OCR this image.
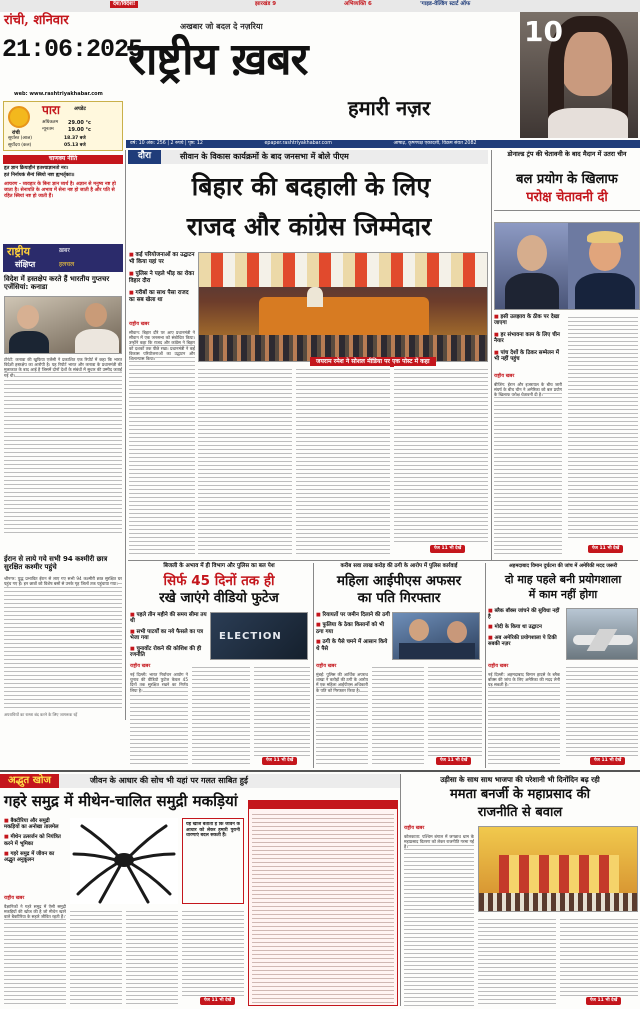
देश/विदेश!	झारखंड 9	अभिव्यक्ति 6	'गाइड-वेल्डिंग स्टार्ट ऑफ
रांची, शनिवार
21:06:2025
web: www.rashtriyakhabar.com
अखबार जो बदल दे नज़रिया
राष्ट्रीय ख़बर
हमारी नज़र
10
वर्ष: 10 अंक: 256 | 2 रुपये | पृष्ठ: 12	epaper.rashtriyakhabar.com	आषाढ़, कृष्णपक्ष एकादशी, विक्रम संवत 2082
पारा	अपडेट
रांची
अधिकतम 29.00 °c
न्यूनतम	19.00 °c
सूर्यास्त (आज)	18.37 बजे
सूर्योदय (कल)	05.13 बजे
चाणक्य नीति
हृत ज्ञान क्रियाहीनं हतश्चाज्ञानतो नरः।
हतं निर्नायकं सैन्यं स्त्रियो नष्टा ह्यभर्तृकाः॥
आचरण - व्यवहार के बिना ज्ञान व्यर्थ है। अज्ञान से मनुष्य नष्ट हो जाता है। सेनापति के अभाव में सेना नष्ट हो जाती है और पति से रहित स्त्रियां नष्ट हो जाती हैं।
राष्ट्रीय	ख़बर
संक्षिप्त	हलचल
विदेश में हस्तक्षेप करते हैं भारतीय गुप्तचर एजेंसियां: कनाडा
टोरंटो: कनाडा की खुफिया एजेंसी ने प्रकाशित एक रिपोर्ट में कहा कि भारत विदेशी हस्तक्षेप का आरोपी है। यह रिपोर्ट भारत और कनाडा के प्रधानमंत्री की मुलाकात के बाद आई है जिसमें दोनों देशों के संबंधों में सुधार की उम्मीद जताई गई थी।
ईरान से लाये गये सभी 94 कश्मीरी छात्र सुरक्षित कश्मीर पहुंचे
श्रीनगर: युद्ध प्रभावित ईरान से लाए गए सभी 94 कश्मीरी छात्र सुरक्षित घर पहुंच गए हैं। इन छात्रों को विशेष बसों से उनके गृह जिलों तक पहुंचाया गया।
अपराधियों का रास्ता बंद करने के लिए जागरूक रहें
दौरा	सीवान के विकास कार्यक्रमों के बाद जनसभा में बोले पीएम
बिहार की बदहाली के लिए
राजद और कांग्रेस जिम्मेदार
■ कई परियोजनाओं का उद्घाटन भी किया यहां पर
■ पुलिस ने पहले भीड़ का रोका विहार दौरा
■ गरीबों का साथ पैसा राजद का सब खेला था
राष्ट्रीय खबर
सीवान: बिहार दौरे पर आए प्रधानमंत्री ने सीवान में एक जनसभा को संबोधित किया। उन्होंने कहा कि राजद और कांग्रेस ने बिहार को दशकों तक पीछे रखा। प्रधानमंत्री ने कई विकास परियोजनाओं का उद्घाटन और शिलान्यास किया।	जयराम रमेश ने सोशल मीडिया पर एक पोस्ट में कहा
पेज 11 भी देखें
डोनाल्ड ट्रंप की चेतावनी के बाद मैदान में उतरा चीन
बल प्रयोग के खिलाफ
परोक्ष चेतावनी दी
■ इसी उलझाव के ठीक पर देखा जाएगा
■ हर संभावना काम के लिए चीन नैयार
■ पांच देशों के ठिकर सम्मेलन में भी नहीं पहुंच
राष्ट्रीय खबर
बीजिंग: ईरान और इजरायल के बीच जारी संघर्ष के बीच चीन ने अमेरिका को बल प्रयोग के खिलाफ परोक्ष चेतावनी दी है।
पेज 11 भी देखें
बिजली के अभाव में ही विभाग और पुलिस का बल पेश
सिर्फ 45 दिनों तक ही
रखे जाएंगे वीडियो फुटेज
■ पहले तीन महीने की समय सीमा तय थी
■ सभी पाटर्यों का नये फैसले का पत्र भेजा गया
■ चुनावोंट रोकने की कोशिश की ही रणनीति
ELECTION
राष्ट्रीय खबर
नई दिल्ली: भारत निर्वाचन आयोग ने चुनाव की वीडियो फुटेज केवल 45 दिनों तक सुरक्षित रखने का निर्णय लिया है।
पेज 11 भी देखें
करीब सवा लाख करोड़ की ठगी के आरोप में पुलिस कार्रवाई
महिला आईपीएस अफसर
का पति गिरफ्तार
■ रियायतों पर जमीन दिलाने की ठगी
■ फुलिया के ठेका किसानों को भी ठगा गया
■ ठगी के पैसे चमने में आसान किये थे पैसे
राष्ट्रीय खबर
मुंबई: पुलिस की आर्थिक अपराध शाखा ने करोड़ों की ठगी के आरोप में एक महिला आईपीएस अधिकारी के पति को गिरफ्तार किया है।
पेज 11 भी देखें
अहमदाबाद विमान दुर्घटना की जांच में अमेरिकी मदद जरूरी
दो माह पहले बनी प्रयोगशाला
में काम नहीं होगा
■ ब्लैक बॉक्स जांचने की सुविधा नहीं है
■ मोदी के किया था उद्घाटन
■ अब अमेरिकी प्रयोगशाला पे टिकी सबकी नज़र
राष्ट्रीय खबर
नई दिल्ली: अहमदाबाद विमान हादसे के ब्लैक बॉक्स की जांच के लिए अमेरिका की मदद लेनी पड़ सकती है।
पेज 11 भी देखें
अद्भुत खोज	जीवन के आधार की सोच भी यहां पर गलत साबित हुई
गहरे समुद्र में मीथेन-चालित समुद्री मकड़ियां
■ बैक्टीरिया और समुद्री मकड़ियों का अनोखा तालमेल
■ मीथेन उत्सर्जन को नियंत्रित करने में भूमिका
■ गहरे समुद्र में जीवन का अद्भुत अनुकूलन
राष्ट्रीय खबर
वैज्ञानिकों ने गहरे समुद्र में ऐसी समुद्री मकड़ियों की खोज की है जो मीथेन खाने वाले बैक्टीरिया के सहारे जीवित रहती हैं।
यह खोज बताती है कि जीवन के आधार को लेकर हमारी पुरानी धारणाएं बदल सकती हैं।
पेज 11 भी देखें
उड़ीसा के साथ साथ भाजपा की परेशानी भी दिनोंदिन बढ़ रही
ममता बनर्जी के महाप्रसाद की
राजनीति से बवाल
राष्ट्रीय खबर
कोलकाता: पश्चिम बंगाल में जगन्नाथ धाम के महाप्रसाद वितरण को लेकर राजनीति गरमा गई है।
पेज 11 भी देखें
